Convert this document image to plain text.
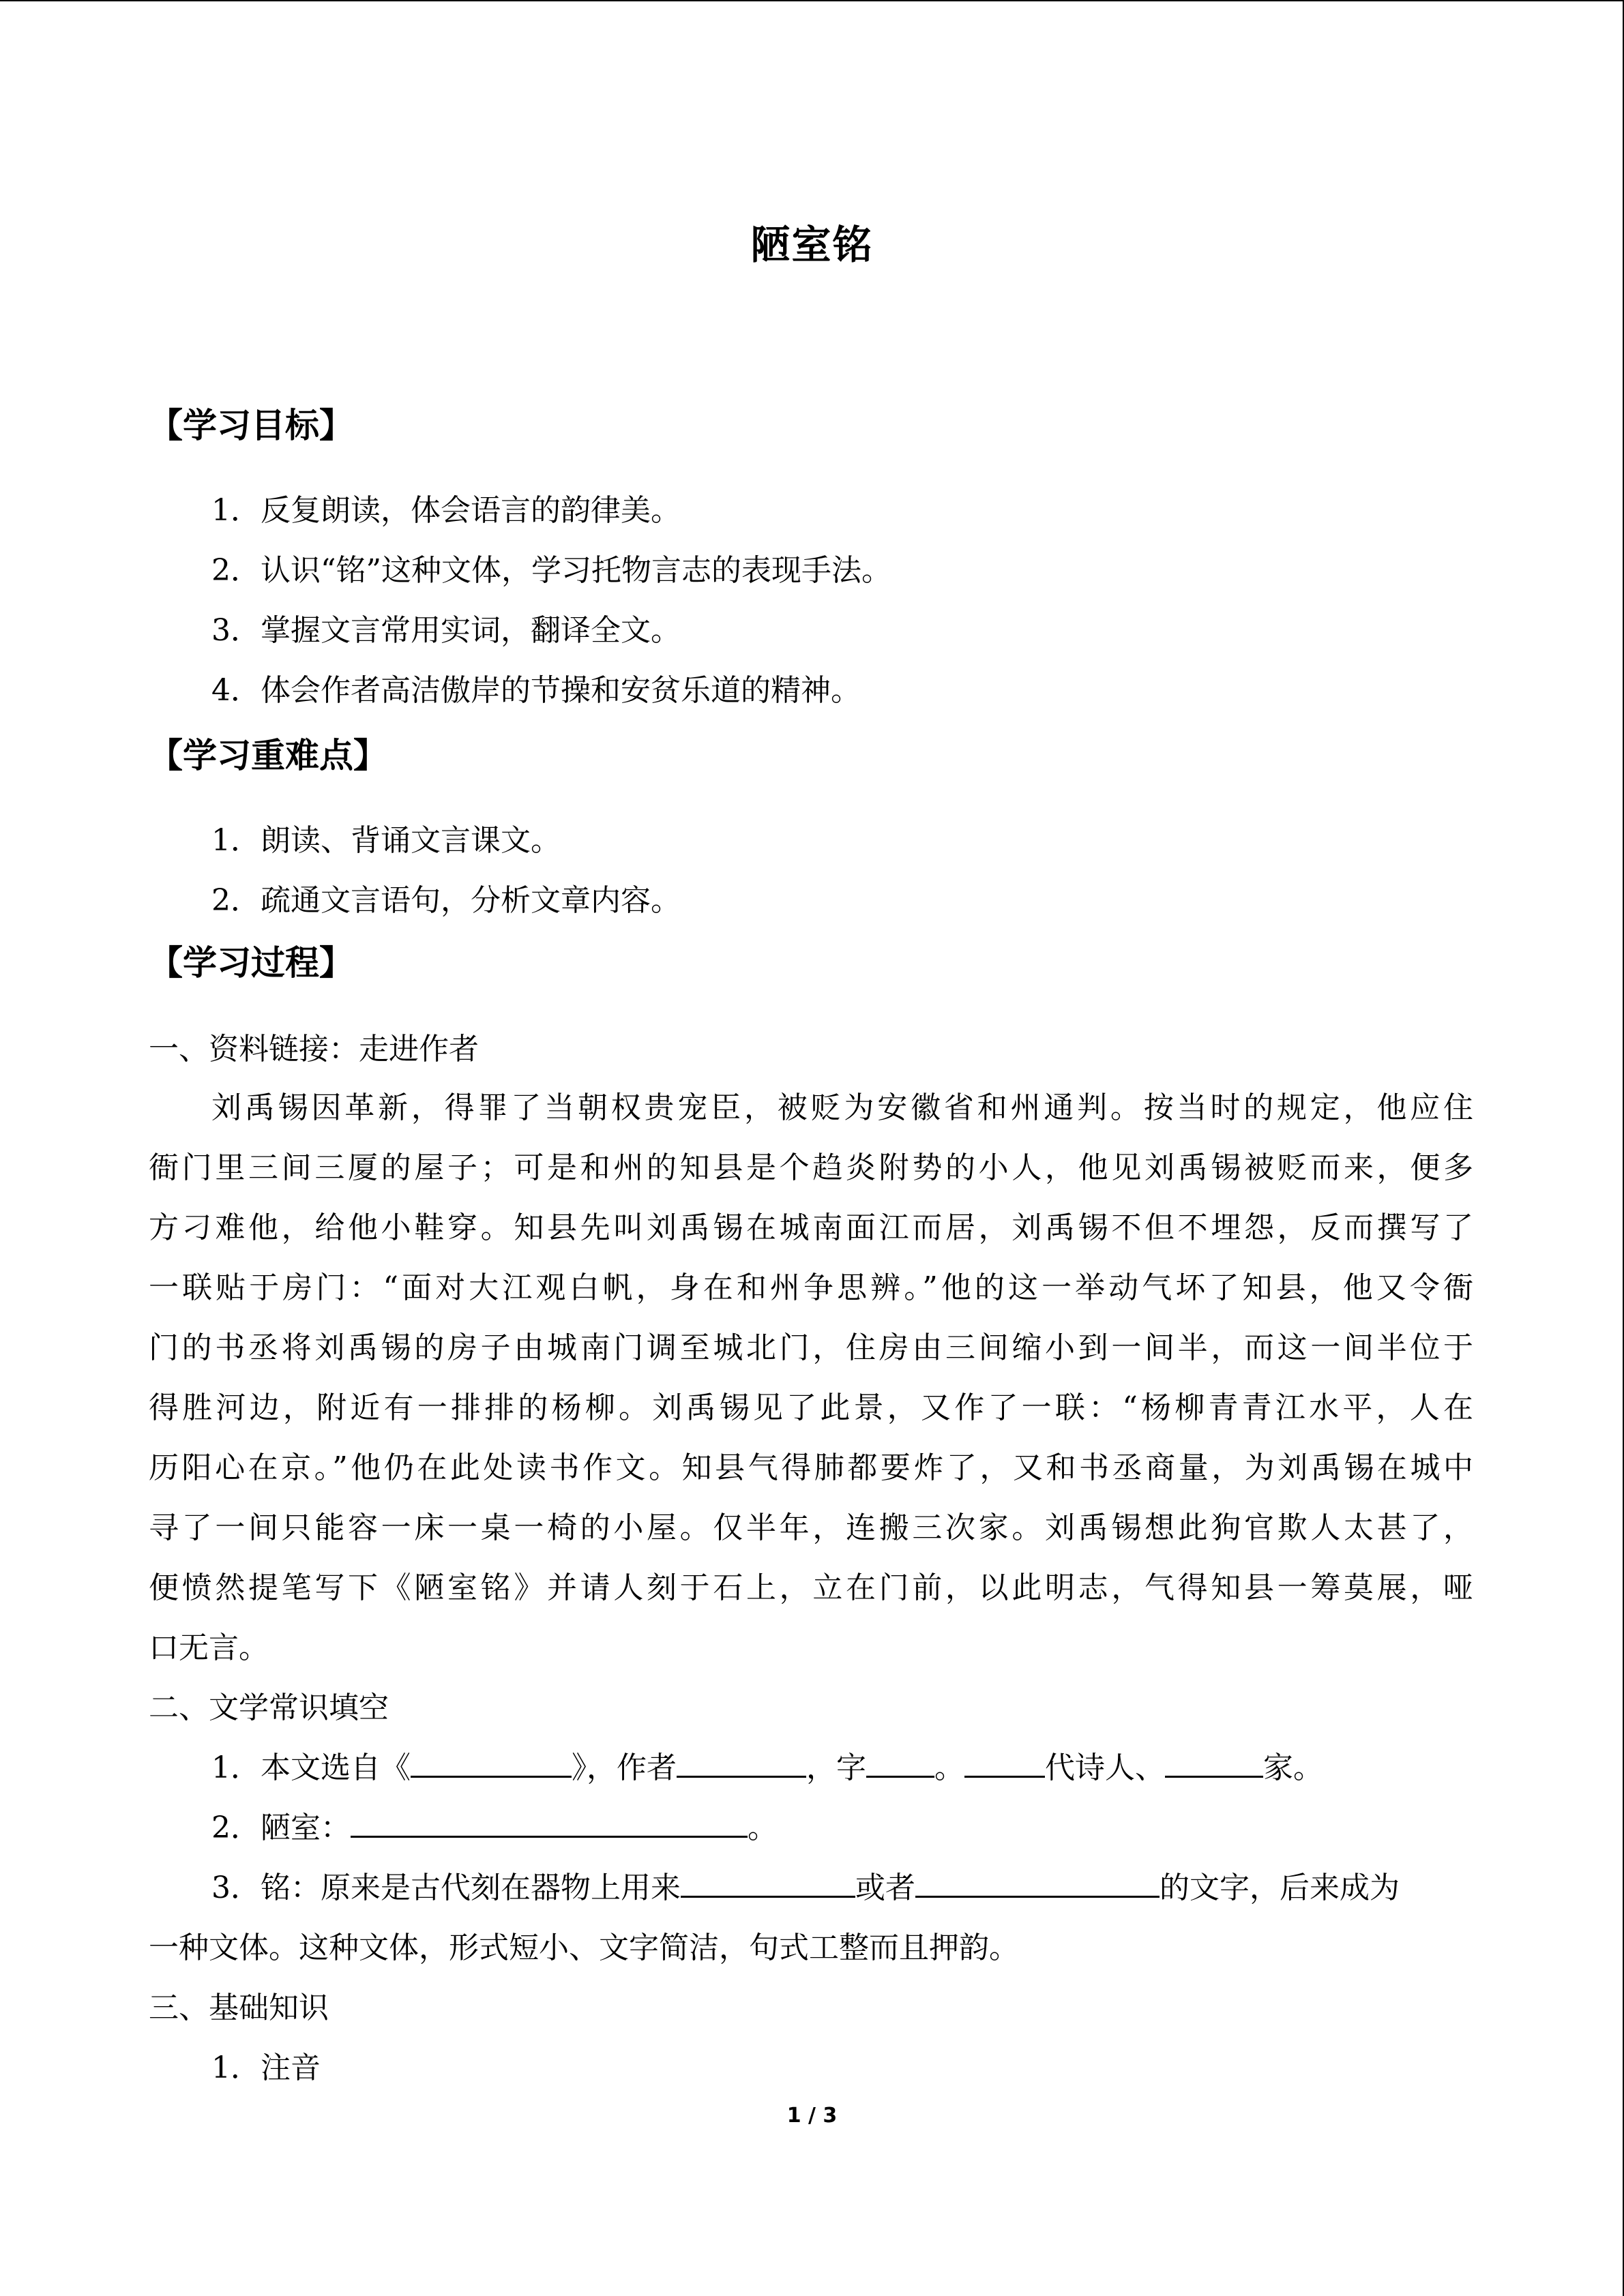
陋室铭
【学习目标】
1．反复朗读，体会语言的韵律美。
2．认识“铭”这种文体，学习托物言志的表现手法。
3．掌握文言常用实词，翻译全文。
4．体会作者高洁傲岸的节操和安贫乐道的精神。
【学习重难点】
1．朗读、背诵文言课文。
2．疏通文言语句，分析文章内容。
【学习过程】
一、资料链接：走进作者
刘禹锡因革新，得罪了当朝权贵宠臣，被贬为安徽省和州通判。按当时的规定，他应住
衙门里三间三厦的屋子；可是和州的知县是个趋炎附势的小人，他见刘禹锡被贬而来，便多
方刁难他，给他小鞋穿。知县先叫刘禹锡在城南面江而居，刘禹锡不但不埋怨，反而撰写了
一联贴于房门：“面对大江观白帆，身在和州争思辨。”他的这一举动气坏了知县，他又令衙
门的书丞将刘禹锡的房子由城南门调至城北门，住房由三间缩小到一间半，而这一间半位于
得胜河边，附近有一排排的杨柳。刘禹锡见了此景，又作了一联：“杨柳青青江水平，人在
历阳心在京。”他仍在此处读书作文。知县气得肺都要炸了，又和书丞商量，为刘禹锡在城中
寻了一间只能容一床一桌一椅的小屋。仅半年，连搬三次家。刘禹锡想此狗官欺人太甚了，
便愤然提笔写下《陋室铭》并请人刻于石上，立在门前，以此明志，气得知县一筹莫展，哑
口无言。
二、文学常识填空
1．本文选自《	》，作者	，字 。	代诗人、	家。
2．陋室：	。
3．铭：原来是古代刻在器物上用来	或者	的文字，后来成为
一种文体。这种文体，形式短小、文字简洁，句式工整而且押韵。
三、基础知识
1．注音
1 / 3
